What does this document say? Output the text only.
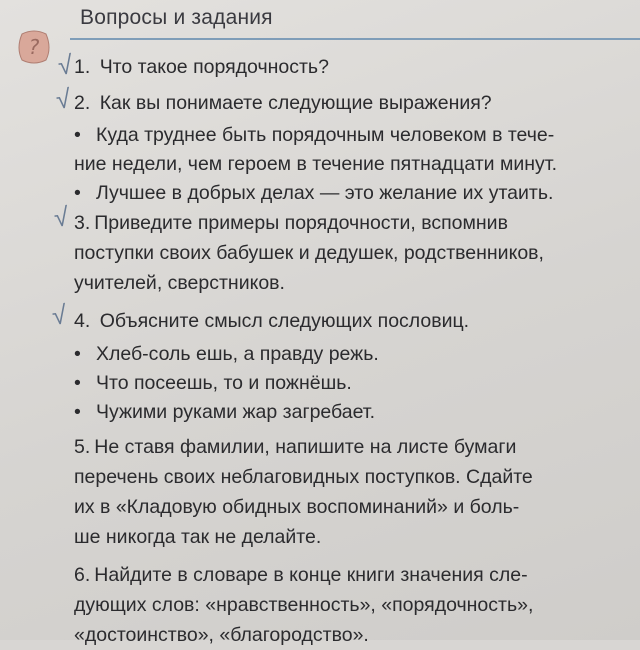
Вопросы и задания
?
√
√
√
√
1. Что такое порядочность?
2. Как вы понимаете следующие выражения?
• Куда труднее быть порядочным человеком в тече-
ние недели, чем героем в течение пятнадцати минут.
• Лучшее в добрых делах — это желание их утаить.
3. Приведите примеры порядочности, вспомнив
поступки своих бабушек и дедушек, родственников,
учителей, сверстников.
4. Объясните смысл следующих пословиц.
• Хлеб-соль ешь, а правду режь.
• Что посеешь, то и пожнёшь.
• Чужими руками жар загребает.
5. Не ставя фамилии, напишите на листе бумаги
перечень своих неблаговидных поступков. Сдайте
их в «Кладовую обидных воспоминаний» и боль-
ше никогда так не делайте.
6. Найдите в словаре в конце книги значения сле-
дующих слов: «нравственность», «порядочность»,
«достоинство», «благородство».
